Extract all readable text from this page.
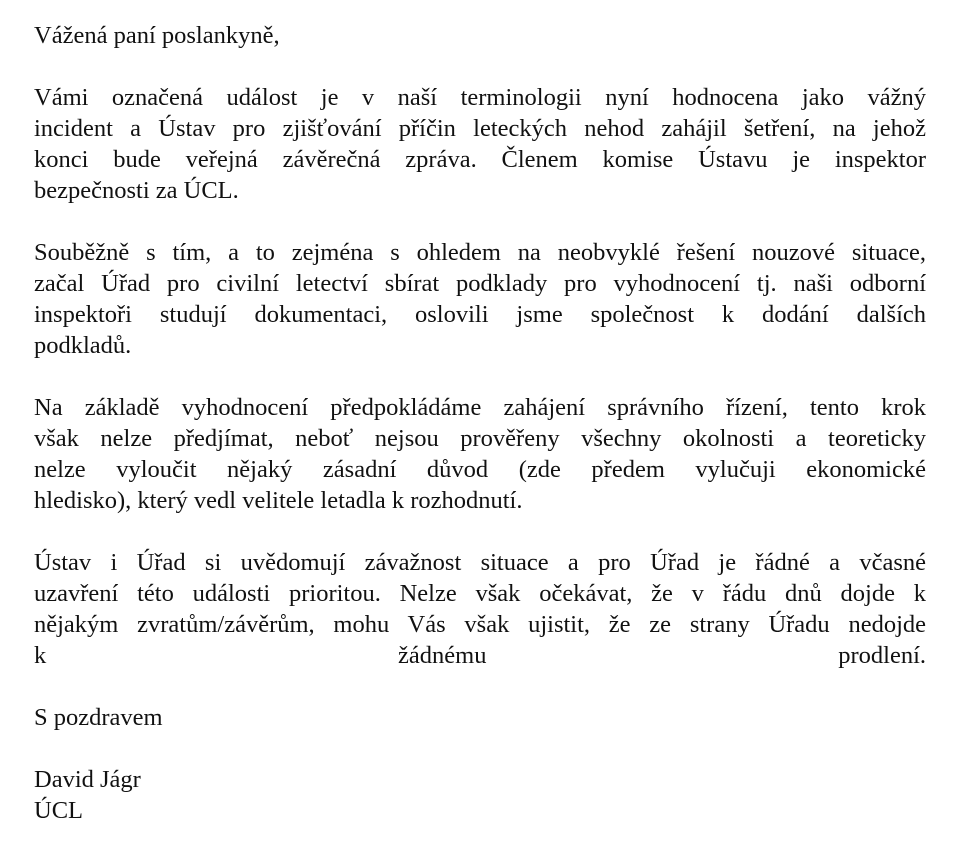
Vážená paní poslankyně,

Vámi označená událost je v naší terminologii nyní hodnocena jako vážný
incident a Ústav pro zjišťování příčin leteckých nehod zahájil šetření, na jehož
konci bude veřejná závěrečná zpráva. Členem komise Ústavu je inspektor
bezpečnosti za ÚCL.
Souběžně s tím, a to zejména s ohledem na neobvyklé řešení nouzové situace,
začal Úřad pro civilní letectví sbírat podklady pro vyhodnocení tj. naši odborní
inspektoři studují dokumentaci, oslovili jsme společnost k dodání dalších
podkladů.
Na základě vyhodnocení předpokládáme zahájení správního řízení, tento krok
však nelze předjímat, neboť nejsou prověřeny všechny okolnosti a teoreticky
nelze vyloučit nějaký zásadní důvod (zde předem vylučuji ekonomické
hledisko), který vedl velitele letadla k rozhodnutí.
Ústav i Úřad si uvědomují závažnost situace a pro Úřad je řádné a včasné
uzavření této události prioritou. Nelze však očekávat, že v řádu dnů dojde k
nějakým zvratům/závěrům, mohu Vás však ujistit, že ze strany Úřadu nedojde
k žádnému prodlení.

S pozdravem

David Jágr

ÚCL
